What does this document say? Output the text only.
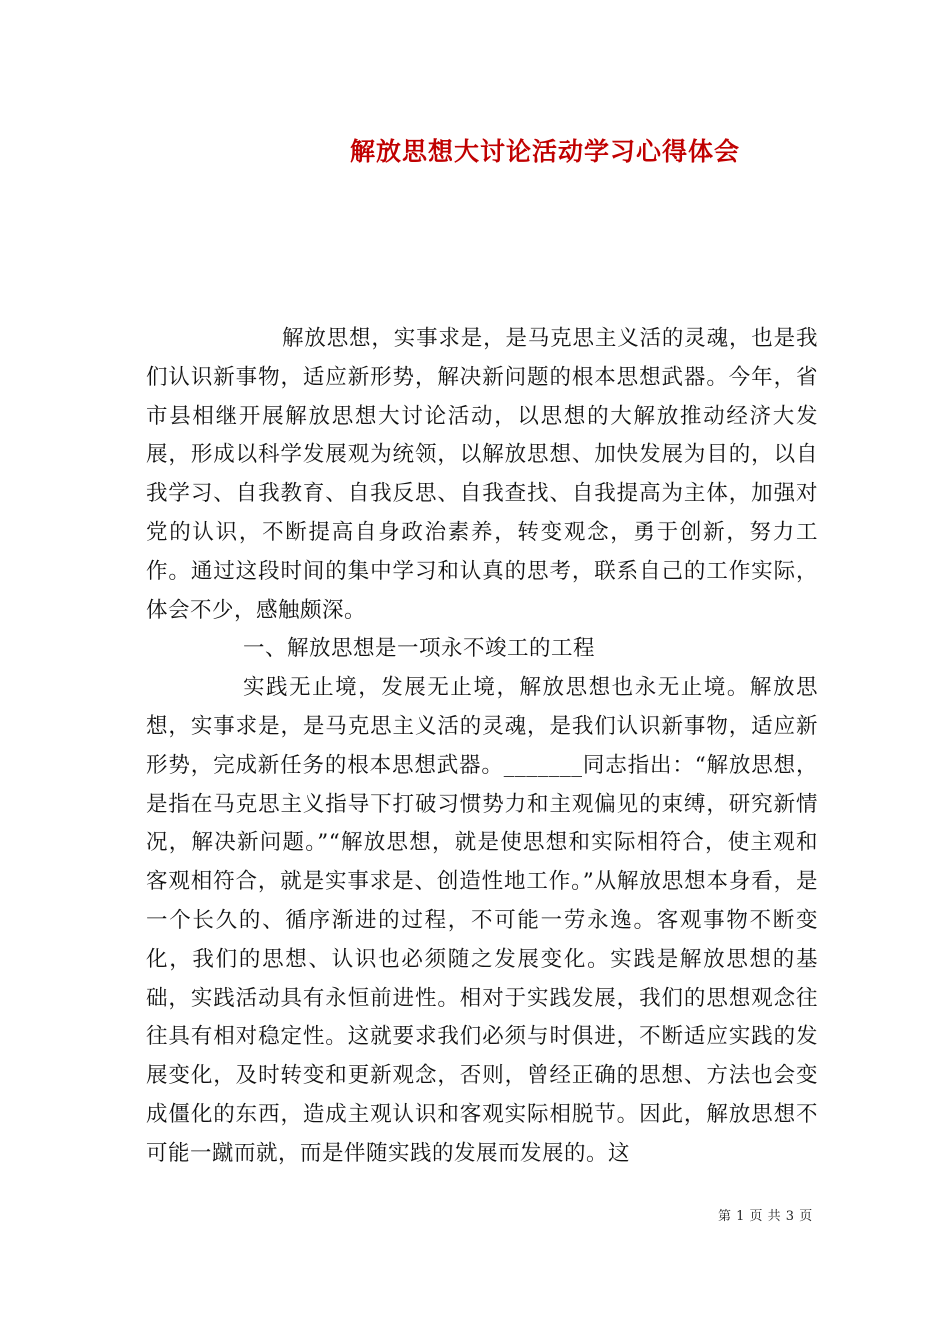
解放思想大讨论活动学习心得体会

解放思想，实事求是，是马克思主义活的灵魂，也是我们认识新事物，适应新形势，解决新问题的根本思想武器。今年，省市县相继开展解放思想大讨论活动，以思想的大解放推动经济大发展，形成以科学发展观为统领，以解放思想、加快发展为目的，以自我学习、自我教育、自我反思、自我查找、自我提高为主体，加强对党的认识，不断提高自身政治素养，转变观念，勇于创新，努力工作。通过这段时间的集中学习和认真的思考，联系自己的工作实际，体会不少，感触颇深。

一、解放思想是一项永不竣工的工程

实践无止境，发展无止境，解放思想也永无止境。解放思想，实事求是，是马克思主义活的灵魂，是我们认识新事物，适应新形势，完成新任务的根本思想武器。_______同志指出：“解放思想，是指在马克思主义指导下打破习惯势力和主观偏见的束缚，研究新情况，解决新问题。”“解放思想，就是使思想和实际相符合，使主观和客观相符合，就是实事求是、创造性地工作。”从解放思想本身看，是一个长久的、循序渐进的过程，不可能一劳永逸。客观事物不断变化，我们的思想、认识也必须随之发展变化。实践是解放思想的基础，实践活动具有永恒前进性。相对于实践发展，我们的思想观念往往具有相对稳定性。这就要求我们必须与时俱进，不断适应实践的发展变化，及时转变和更新观念，否则，曾经正确的思想、方法也会变成僵化的东西，造成主观认识和客观实际相脱节。因此，解放思想不可能一蹴而就，而是伴随实践的发展而发展的。这

第 1 页 共 3 页
